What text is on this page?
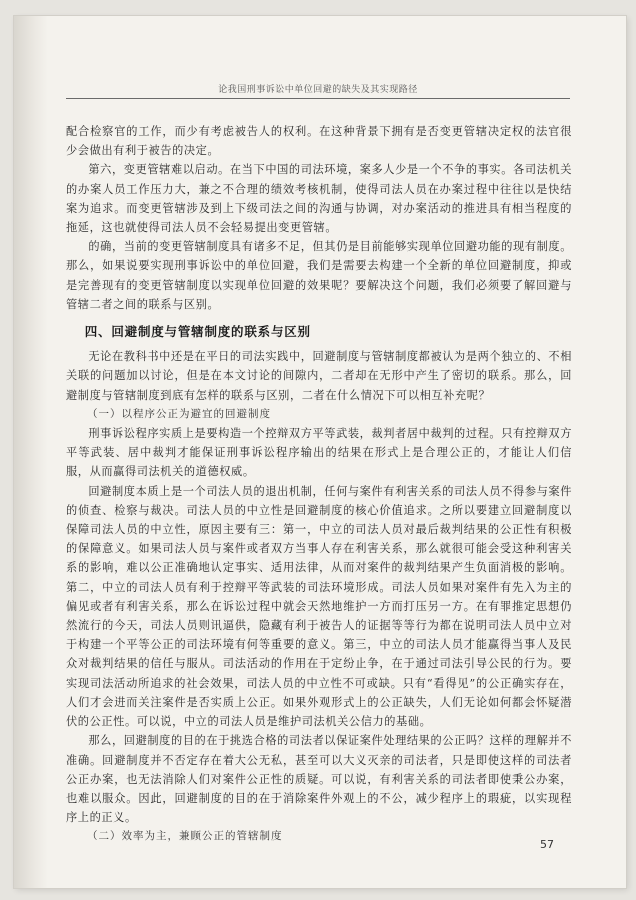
论我国刑事诉讼中单位回避的缺失及其实现路径

配合检察官的工作，而少有考虑被告人的权利。在这种背景下拥有是否变更管辖决定权的法官很少会做出有利于被告的决定。

第六，变更管辖难以启动。在当下中国的司法环境，案多人少是一个不争的事实。各司法机关的办案人员工作压力大，兼之不合理的绩效考核机制，使得司法人员在办案过程中往往以是快结案为追求。而变更管辖涉及到上下级司法之间的沟通与协调，对办案活动的推进具有相当程度的拖延，这也就使得司法人员不会轻易提出变更管辖。

的确，当前的变更管辖制度具有诸多不足，但其仍是目前能够实现单位回避功能的现有制度。那么，如果说要实现刑事诉讼中的单位回避，我们是需要去构建一个全新的单位回避制度，抑或是完善现有的变更管辖制度以实现单位回避的效果呢？要解决这个问题，我们必须要了解回避与管辖二者之间的联系与区别。

四、回避制度与管辖制度的联系与区别

无论在教科书中还是在平日的司法实践中，回避制度与管辖制度都被认为是两个独立的、不相关联的问题加以讨论，但是在本文讨论的间隙内，二者却在无形中产生了密切的联系。那么，回避制度与管辖制度到底有怎样的联系与区别，二者在什么情况下可以相互补充呢？

（一）以程序公正为避宜的回避制度

刑事诉讼程序实质上是要构造一个控辩双方平等武装，裁判者居中裁判的过程。只有控辩双方平等武装、居中裁判才能保证刑事诉讼程序输出的结果在形式上是合理公正的，才能让人们信服，从而赢得司法机关的道德权威。

回避制度本质上是一个司法人员的退出机制，任何与案件有利害关系的司法人员不得参与案件的侦查、检察与裁决。司法人员的中立性是回避制度的核心价值追求。之所以要建立回避制度以保障司法人员的中立性，原因主要有三：第一，中立的司法人员对最后裁判结果的公正性有积极的保障意义。如果司法人员与案件或者双方当事人存在利害关系，那么就很可能会受这种利害关系的影响，难以公正准确地认定事实、适用法律，从而对案件的裁判结果产生负面消极的影响。第二，中立的司法人员有利于控辩平等武装的司法环境形成。司法人员如果对案件有先入为主的偏见或者有利害关系，那么在诉讼过程中就会天然地维护一方而打压另一方。在有罪推定思想仍然流行的今天，司法人员则讯逼供，隐藏有利于被告人的证据等等行为都在说明司法人员中立对于构建一个平等公正的司法环境有何等重要的意义。第三，中立的司法人员才能赢得当事人及民众对裁判结果的信任与服从。司法活动的作用在于定纷止争，在于通过司法引导公民的行为。要实现司法活动所追求的社会效果，司法人员的中立性不可或缺。只有“看得见”的公正确实存在，人们才会进而关注案件是否实质上公正。如果外观形式上的公正缺失，人们无论如何都会怀疑潜伏的公正性。可以说，中立的司法人员是维护司法机关公信力的基础。

那么，回避制度的目的在于挑选合格的司法者以保证案件处理结果的公正吗？这样的理解并不准确。回避制度并不否定存在着大公无私，甚至可以大义灭亲的司法者，只是即使这样的司法者公正办案，也无法消除人们对案件公正性的质疑。可以说，有利害关系的司法者即使秉公办案，也难以服众。因此，回避制度的目的在于消除案件外观上的不公，减少程序上的瑕疵，以实现程序上的正义。

（二）效率为主，兼顾公正的管辖制度

57
